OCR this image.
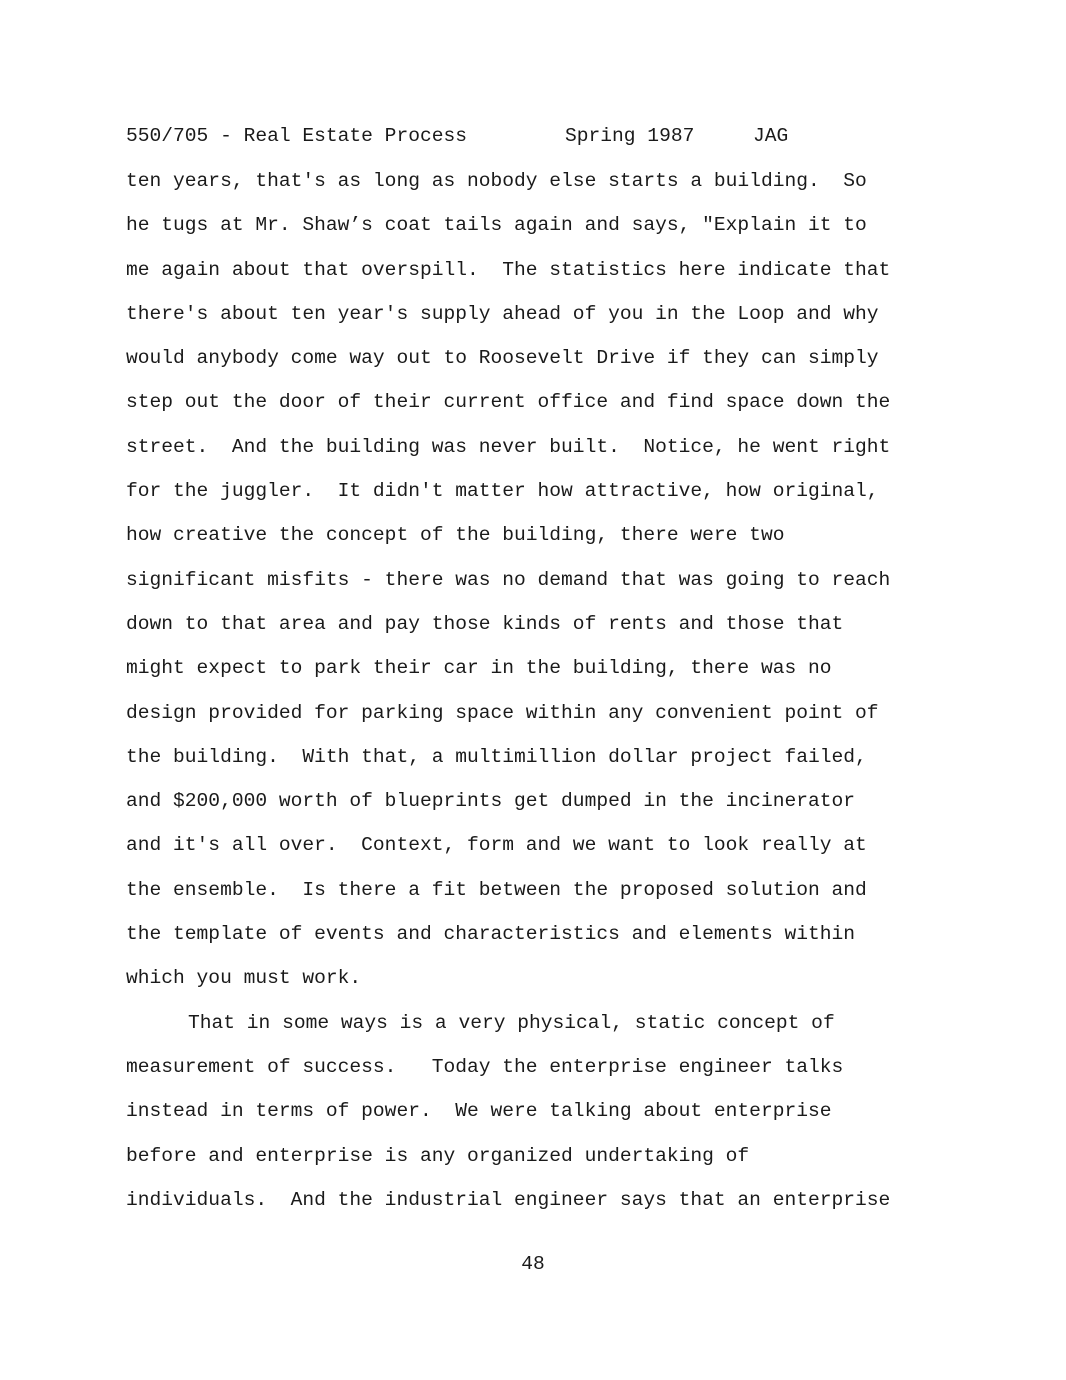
550/705 - Real Estate Process

	Spring 1987

	JAG

ten years, that's as long as nobody else starts a building.  So
he tugs at Mr. Shaw’s coat tails again and says, "Explain it to
me again about that overspill.  The statistics here indicate that
there's about ten year's supply ahead of you in the Loop and why
would anybody come way out to Roosevelt Drive if they can simply
step out the door of their current office and find space down the
street.  And the building was never built.  Notice, he went right
for the juggler.  It didn't matter how attractive, how original,
how creative the concept of the building, there were two
significant misfits - there was no demand that was going to reach
down to that area and pay those kinds of rents and those that
might expect to park their car in the building, there was no
design provided for parking space within any convenient point of
the building.  With that, a multimillion dollar project failed,
and $200,000 worth of blueprints get dumped in the incinerator
and it's all over.  Context, form and we want to look really at
the ensemble.  Is there a fit between the proposed solution and
the template of events and characteristics and elements within
which you must work.
That in some ways is a very physical, static concept of
measurement of success.   Today the enterprise engineer talks
instead in terms of power.  We were talking about enterprise
before and enterprise is any organized undertaking of
individuals.  And the industrial engineer says that an enterprise
48
